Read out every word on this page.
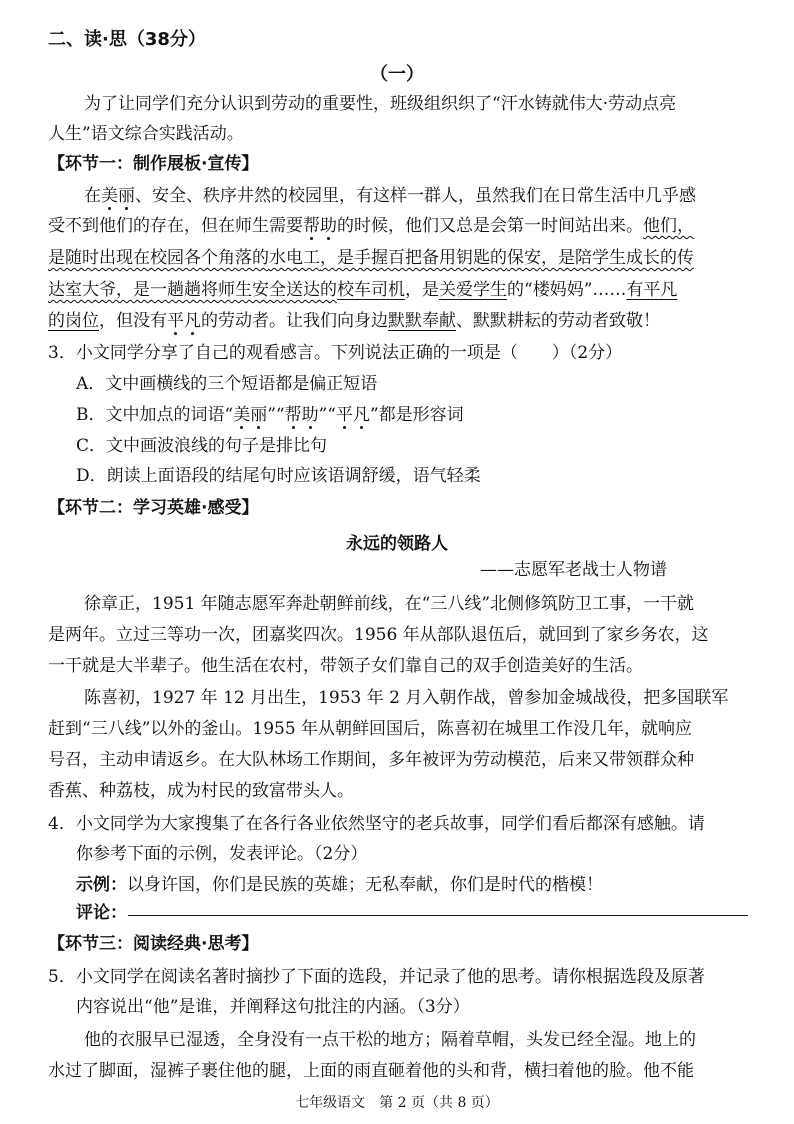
二、读·思（38分）
（一）
为了让同学们充分认识到劳动的重要性，班级组织织了“汗水铸就伟大·劳动点亮
人生”语文综合实践活动。
【环节一：制作展板·宣传】
在美丽、安全、秩序井然的校园里，有这样一群人，虽然我们在日常生活中几乎感
受不到他们的存在，但在师生需要帮助的时候，他们又总是会第一时间站出来。他们，
是随时出现在校园各个角落的水电工，是手握百把备用钥匙的保安，是陪学生成长的传
达室大爷，是一趟趟将师生安全送达的校车司机，是关爱学生的“楼妈妈”……有平凡
的岗位，但没有平凡的劳动者。让我们向身边默默奉献、默默耕耘的劳动者致敬！
3．小文同学分享了自己的观看感言。下列说法正确的一项是（　　）（2分）
A．文中画横线的三个短语都是偏正短语
B．文中加点的词语“美丽”“帮助”“平凡”都是形容词
C．文中画波浪线的句子是排比句
D．朗读上面语段的结尾句时应该语调舒缓，语气轻柔
【环节二：学习英雄·感受】
永远的领路人
——志愿军老战士人物谱
徐章正，1951 年随志愿军奔赴朝鲜前线，在“三八线”北侧修筑防卫工事，一干就
是两年。立过三等功一次，团嘉奖四次。1956 年从部队退伍后，就回到了家乡务农，这
一干就是大半辈子。他生活在农村，带领子女们靠自己的双手创造美好的生活。
陈喜初，1927 年 12 月出生，1953 年 2 月入朝作战，曾参加金城战役，把多国联军
赶到“三八线”以外的釜山。1955 年从朝鲜回国后，陈喜初在城里工作没几年，就响应
号召，主动申请返乡。在大队林场工作期间，多年被评为劳动模范，后来又带领群众种
香蕉、种荔枝，成为村民的致富带头人。
4．小文同学为大家搜集了在各行各业依然坚守的老兵故事，同学们看后都深有感触。请
你参考下面的示例，发表评论。（2分）
示例：以身许国，你们是民族的英雄；无私奉献，你们是时代的楷模！
评论：
【环节三：阅读经典·思考】
5．小文同学在阅读名著时摘抄了下面的选段，并记录了他的思考。请你根据选段及原著
内容说出“他”是谁，并阐释这句批注的内涵。（3分）
他的衣服早已湿透，全身没有一点干松的地方；隔着草帽，头发已经全湿。地上的
水过了脚面，湿裤子裹住他的腿，上面的雨直砸着他的头和背，横扫着他的脸。他不能
七年级语文　第 2 页（共 8 页）
